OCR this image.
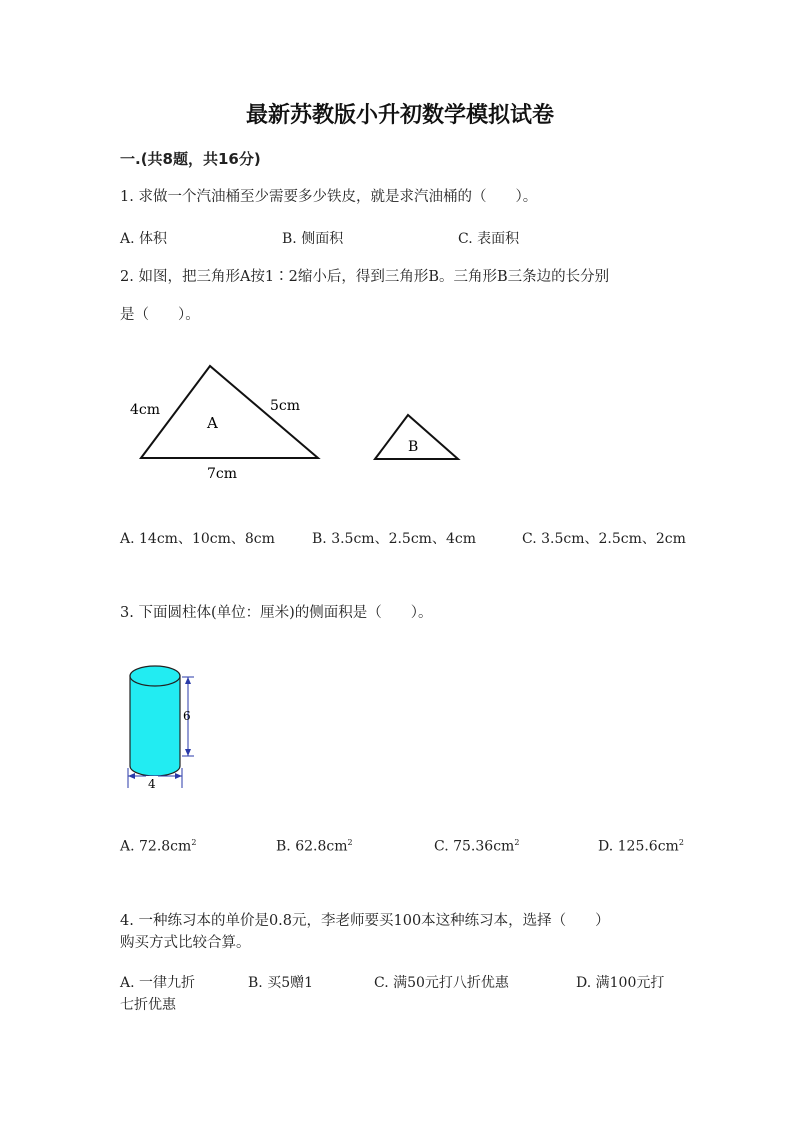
最新苏教版小升初数学模拟试卷
一.(共8题，共16分)
1. 求做一个汽油桶至少需要多少铁皮，就是求汽油桶的（　　）。
A. 体积	B. 侧面积	C. 表面积
2. 如图，把三角形A按1∶2缩小后，得到三角形B。三角形B三条边的长分别
是（　　）。
4cm	5cm
7cm
A
B
A. 14cm、10cm、8cm	B. 3.5cm、2.5cm、4cm	C. 3.5cm、2.5cm、2cm
3. 下面圆柱体(单位：厘米)的侧面积是（　　）。
6
4
A. $72.8cm^2$	B. $62.8cm^2$	C. $75.36cm^2$	D. $125.6cm^2$
4. 一种练习本的单价是0.8元，李老师要买100本这种练习本，选择（　　）
购买方式比较合算。
A. 一律九折	B. 买5赠1	C. 满50元打八折优惠	D. 满100元打
七折优惠
